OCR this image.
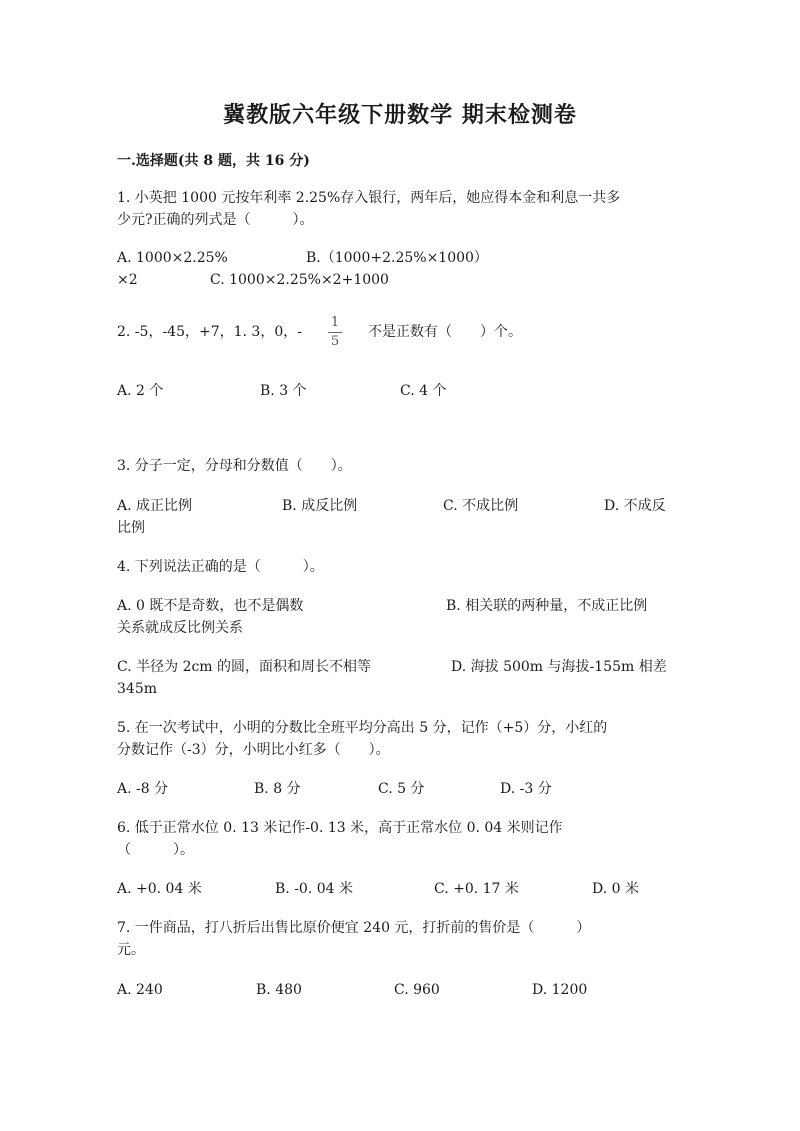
冀教版六年级下册数学 期末检测卷
一.选择题(共 8 题，共 16 分)
1. 小英把 1000 元按年利率 2.25%存入银行，两年后，她应得本金和利息一共多
少元?正确的列式是（　　　）。
A. 1000×2.25%	B.（1000+2.25%×1000）
×2	C. 1000×2.25%×2+1000
2. -5，-45，+7，1. 3，0，-
1
5
不是正数有（　　）个。
A. 2 个	B. 3 个	C. 4 个
3. 分子一定，分母和分数值（　　）。
A. 成正比例	B. 成反比例	C. 不成比例	D. 不成反
比例
4. 下列说法正确的是（　　　）。
A. 0 既不是奇数，也不是偶数	B. 相关联的两种量，不成正比例
关系就成反比例关系
C. 半径为 2cm 的圆，面积和周长不相等	D. 海拔 500m 与海拔-155m 相差
345m
5. 在一次考试中，小明的分数比全班平均分高出 5 分，记作（+5）分，小红的
分数记作（-3）分，小明比小红多（　　）。
A. -8 分	B. 8 分	C. 5 分	D. -3 分
6. 低于正常水位 0. 13 米记作-0. 13 米，高于正常水位 0. 04 米则记作
（　　　）。
A. +0. 04 米	B. -0. 04 米	C. +0. 17 米	D. 0 米
7. 一件商品，打八折后出售比原价便宜 240 元，打折前的售价是（　　　）
元。
A. 240	B. 480	C. 960	D. 1200
